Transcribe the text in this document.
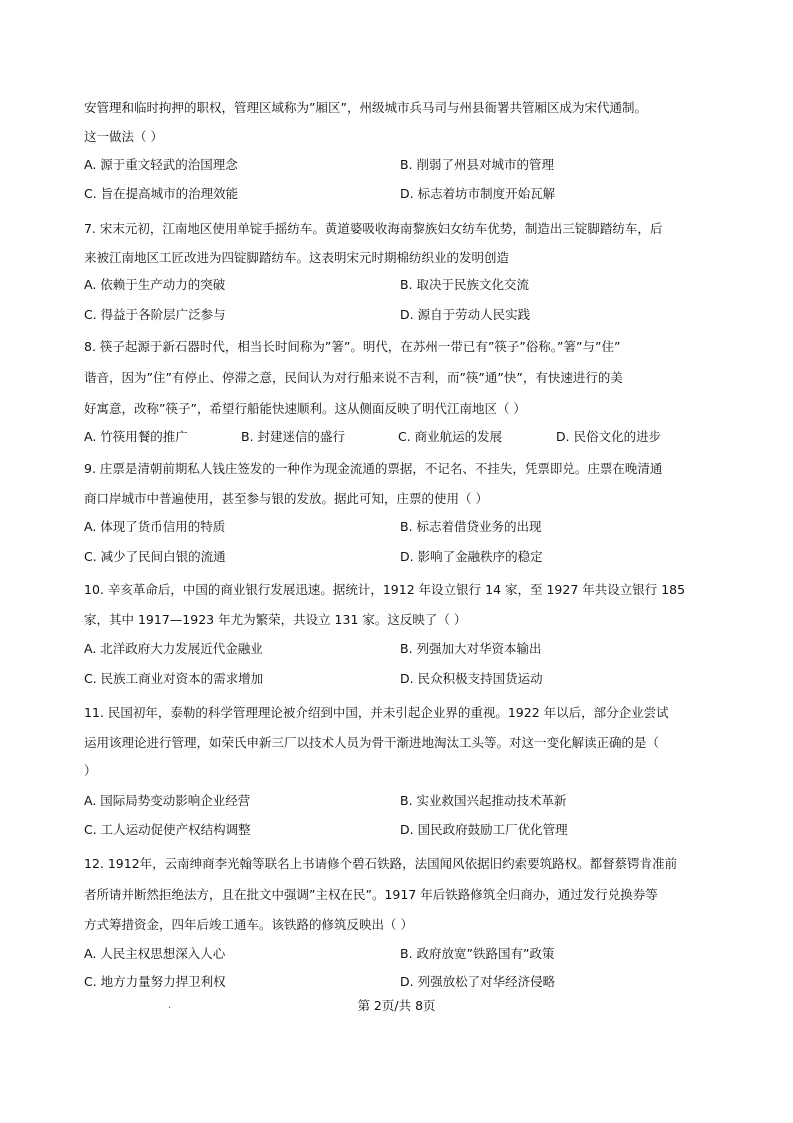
安管理和临时拘押的职权，管理区域称为”厢区”，州级城市兵马司与州县衙署共管厢区成为宋代通制。
这一做法（ ）
A. 源于重文轻武的治国理念	B. 削弱了州县对城市的管理
C. 旨在提高城市的治理效能	D. 标志着坊市制度开始瓦解
7. 宋末元初，江南地区使用单锭手摇纺车。黄道婆吸收海南黎族妇女纺车优势，制造出三锭脚踏纺车，后
来被江南地区工匠改进为四锭脚踏纺车。这表明宋元时期棉纺织业的发明创造
A. 依赖于生产动力的突破	B. 取决于民族文化交流
C. 得益于各阶层广泛参与	D. 源自于劳动人民实践
8. 筷子起源于新石器时代，相当长时间称为”箸”。明代，在苏州一带已有”筷子”俗称。”箸”与”住”
谐音，因为”住”有停止、停滞之意，民间认为对行船来说不吉利，而”筷”通”快”，有快速进行的美
好寓意，改称”筷子”，希望行船能快速顺利。这从侧面反映了明代江南地区（ ）
A. 竹筷用餐的推广	B. 封建迷信的盛行	C. 商业航运的发展	D. 民俗文化的进步
9. 庄票是清朝前期私人钱庄签发的一种作为现金流通的票据，不记名、不挂失，凭票即兑。庄票在晚清通
商口岸城市中普遍使用，甚至参与银的发放。据此可知，庄票的使用（ ）
A. 体现了货币信用的特质	B. 标志着借贷业务的出现
C. 减少了民间白银的流通	D. 影响了金融秩序的稳定
10. 辛亥革命后，中国的商业银行发展迅速。据统计，1912 年设立银行 14 家，至 1927 年共设立银行 185
家，其中 1917—1923 年尤为繁荣，共设立 131 家。这反映了（ ）
A. 北洋政府大力发展近代金融业	B. 列强加大对华资本输出
C. 民族工商业对资本的需求增加	D. 民众积极支持国货运动
11. 民国初年，泰勒的科学管理理论被介绍到中国，并未引起企业界的重视。1922 年以后，部分企业尝试
运用该理论进行管理，如荣氏申新三厂以技术人员为骨干渐进地淘汰工头等。对这一变化解读正确的是（
）
A. 国际局势变动影响企业经营	B. 实业救国兴起推动技术革新
C. 工人运动促使产权结构调整	D. 国民政府鼓励工厂优化管理
12. 1912年，云南绅商李光翰等联名上书请修个碧石铁路，法国闻风依据旧约索要筑路权。都督蔡锷肯准前
者所请并断然拒绝法方，且在批文中强调”主权在民”。1917 年后铁路修筑全归商办，通过发行兑换券等
方式筹措资金，四年后竣工通车。该铁路的修筑反映出（ ）
A. 人民主权思想深入人心	B. 政府放宽”铁路国有”政策
C. 地方力量努力捍卫利权	D. 列强放松了对华经济侵略
.	第 2页/共 8页
